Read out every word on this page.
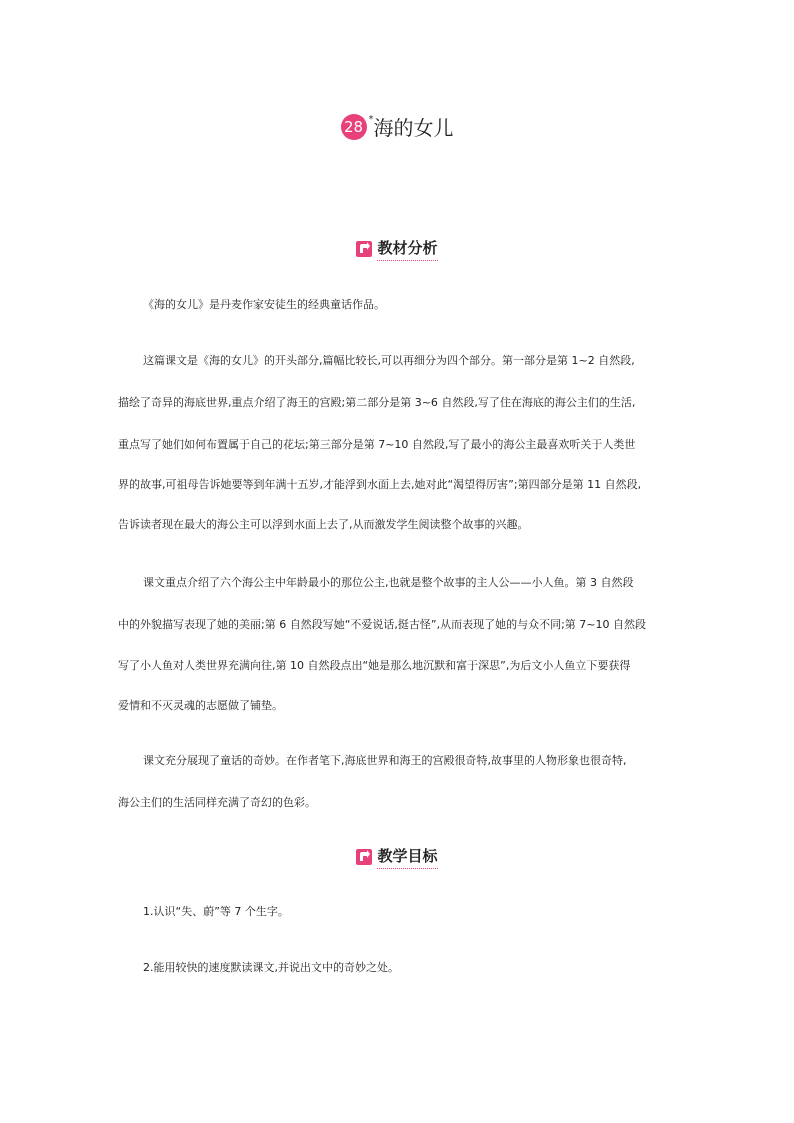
28 * 海的女儿
教材分析
《海的女儿》是丹麦作家安徒生的经典童话作品。
这篇课文是《海的女儿》的开头部分,篇幅比较长,可以再细分为四个部分。第一部分是第 1~2 自然段,
描绘了奇异的海底世界,重点介绍了海王的宫殿;第二部分是第 3~6 自然段,写了住在海底的海公主们的生活,
重点写了她们如何布置属于自己的花坛;第三部分是第 7~10 自然段,写了最小的海公主最喜欢听关于人类世
界的故事,可祖母告诉她要等到年满十五岁,才能浮到水面上去,她对此“渴望得厉害”;第四部分是第 11 自然段,
告诉读者现在最大的海公主可以浮到水面上去了,从而激发学生阅读整个故事的兴趣。
课文重点介绍了六个海公主中年龄最小的那位公主,也就是整个故事的主人公——小人鱼。第 3 自然段
中的外貌描写表现了她的美丽;第 6 自然段写她“不爱说话,挺古怪”,从而表现了她的与众不同;第 7~10 自然段
写了小人鱼对人类世界充满向往,第 10 自然段点出“她是那么地沉默和富于深思”,为后文小人鱼立下要获得
爱情和不灭灵魂的志愿做了铺垫。
课文充分展现了童话的奇妙。在作者笔下,海底世界和海王的宫殿很奇特,故事里的人物形象也很奇特,
海公主们的生活同样充满了奇幻的色彩。
教学目标
1.认识“失、蔚”等 7 个生字。
2.能用较快的速度默读课文,并说出文中的奇妙之处。
